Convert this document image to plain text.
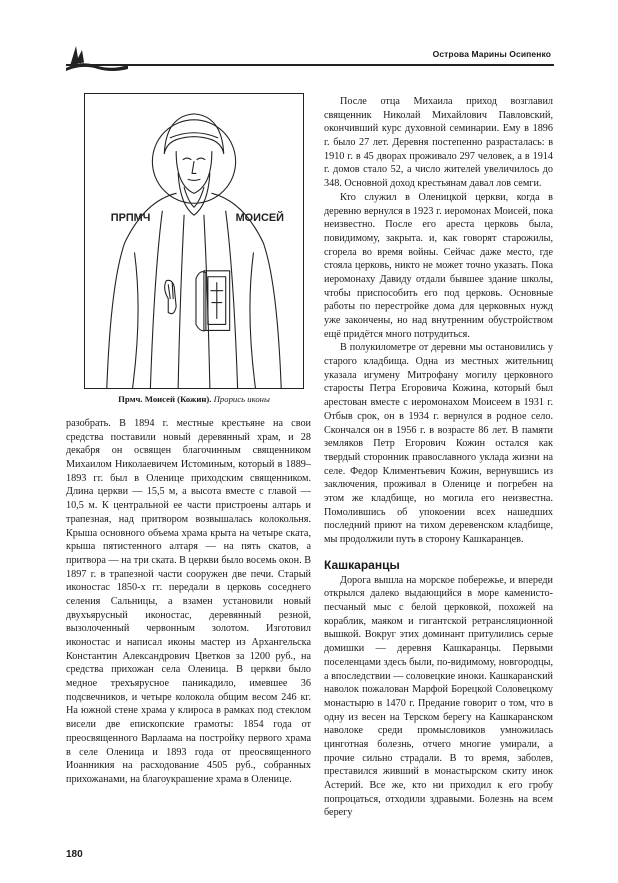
Острова Марины Осипенко
ПРПМЧ	МОИСЕЙ
Прмч. Моисей (Кожин). Прорись иконы

разобрать. В 1894 г. местные крестьяне на свои средства поставили новый деревянный храм, и 28 декабря он освящен благочинным священником Михаилом Николаевичем Истоминым, который в 1889–1893 гг. был в Оленице приходским священником. Длина церкви — 15,5 м, а высота вместе с главой — 10,5 м. К центральной ее части пристроены алтарь и трапезная, над притвором возвышалась колокольня. Крыша основного объема храма крыта на четыре ската, крыша пятистенного алтаря — на пять скатов, а притвора — на три ската. В церкви было восемь окон. В 1897 г. в трапезной части сооружен две печи. Старый иконостас 1850-х гг. передали в церковь соседнего селения Сальницы, а взамен установили новый двухъярусный иконостас, деревянный резной, вызолоченный червонным золотом. Изготовил иконостас и написал иконы мастер из Архангельска Константин Александрович Цветков за 1200 руб., на средства прихожан села Оленица. В церкви было медное трехъярусное паникадило, имевшее 36 подсвечников, и четыре колокола общим весом 246 кг. На южной стене храма у клироса в рамках под стеклом висели две епископские грамоты: 1854 года от преосвященного Варлаама на постройку первого храма в селе Оленица и 1893 года от преосвященного Иоанникия на расходование 4505 руб., собранных прихожанами, на благоукрашение храма в Оленице.

После отца Михаила приход возглавил священник Николай Михайлович Павловский, окончивший курс духовной семинарии. Ему в 1896 г. было 27 лет. Деревня постепенно разрасталась: в 1910 г. в 45 дворах проживало 297 человек, а в 1914 г. домов стало 52, а число жителей увеличилось до 348. Основной доход крестьянам давал лов семги.

Кто служил в Оленицкой церкви, когда в деревню вернулся в 1923 г. иеромонах Моисей, пока неизвестно. После его ареста церковь была, повидимому, закрыта. и, как говорят старожилы, сгорела во время войны. Сейчас даже место, где стояла церковь, никто не может точно указать. Пока иеромонаху Давиду отдали бывшее здание школы, чтобы приспособить его под церковь. Основные работы по перестройке дома для церковных нужд уже закончены, но над внутренним обустройством ещё придётся много потрудиться.

В полукилометре от деревни мы остановились у старого кладбища. Одна из местных жительниц указала игумену Митрофану могилу церковного старосты Петра Егоровича Кожина, который был арестован вместе с иеромонахом Моисеем в 1931 г. Отбыв срок, он в 1934 г. вернулся в родное село. Скончался он в 1956 г. в возрасте 86 лет. В памяти земляков Петр Егорович Кожин остался как твердый сторонник православного уклада жизни на селе. Федор Климентьевич Кожин, вернувшись из заключения, проживал в Оленице и погребен на этом же кладбище, но могила его неизвестна. Помолившись об упокоении всех нашедших последний приют на тихом деревенском кладбище, мы продолжили путь в сторону Кашкаранцев.

Кашкаранцы

Дорога вышла на морское побережье, и впереди открылся далеко выдающийся в море каменисто-песчаный мыс с белой церковкой, похожей на кораблик, маяком и гигантской ретрансляционной вышкой. Вокруг этих доминант притулились серые домишки — деревня Кашкаранцы. Первыми поселенцами здесь были, по-видимому, новгородцы, а впоследствии — соловецкие иноки. Кашкаранский наволок пожалован Марфой Борецкой Соловецкому монастырю в 1470 г. Предание говорит о том, что в одну из весен на Терском берегу на Кашкаранском наволоке среди промысловиков умножилась цинготная болезнь, отчего многие умирали, а прочие сильно страдали. В то время, заболев, преставился живший в монастырском скиту инок Астерий. Все же, кто ни приходил к его гробу попроцаться, отходили здравыми. Болезнь на всем берегу

180
